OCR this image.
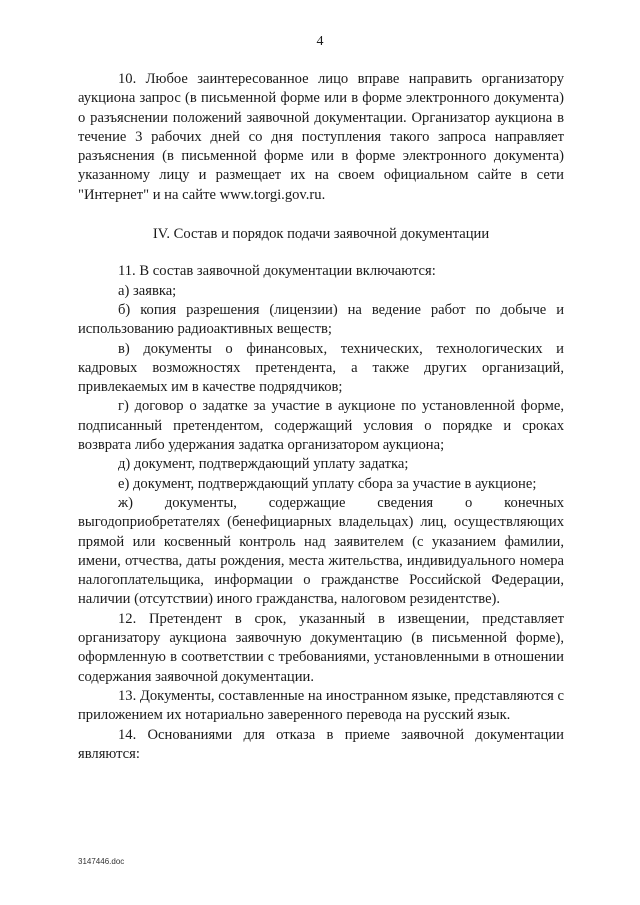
4

10. Любое заинтересованное лицо вправе направить организатору аукциона запрос (в письменной форме или в форме электронного документа) о разъяснении положений заявочной документации. Организатор аукциона в течение 3 рабочих дней со дня поступления такого запроса направляет разъяснения (в письменной форме или в форме электронного документа) указанному лицу и размещает их на своем официальном сайте в сети "Интернет" и на сайте www.torgi.gov.ru.

IV. Состав и порядок подачи заявочной документации

11. В состав заявочной документации включаются:

а) заявка;

б) копия разрешения (лицензии) на ведение работ по добыче и использованию радиоактивных веществ;

в) документы о финансовых, технических, технологических и кадровых возможностях претендента, а также других организаций, привлекаемых им в качестве подрядчиков;

г) договор о задатке за участие в аукционе по установленной форме, подписанный претендентом, содержащий условия о порядке и сроках возврата либо удержания задатка организатором аукциона;

д) документ, подтверждающий уплату задатка;

е) документ, подтверждающий уплату сбора за участие в аукционе;

ж) документы, содержащие сведения о конечных выгодоприобретателях (бенефициарных владельцах) лиц, осуществляющих прямой или косвенный контроль над заявителем (с указанием фамилии, имени, отчества, даты рождения, места жительства, индивидуального номера налогоплательщика, информации о гражданстве Российской Федерации, наличии (отсутствии) иного гражданства, налоговом резидентстве).

12. Претендент в срок, указанный в извещении, представляет организатору аукциона заявочную документацию (в письменной форме), оформленную в соответствии с требованиями, установленными в отношении содержания заявочной документации.

13. Документы, составленные на иностранном языке, представляются с приложением их нотариально заверенного перевода на русский язык.

14. Основаниями для отказа в приеме заявочной документации являются:

3147446.doc
